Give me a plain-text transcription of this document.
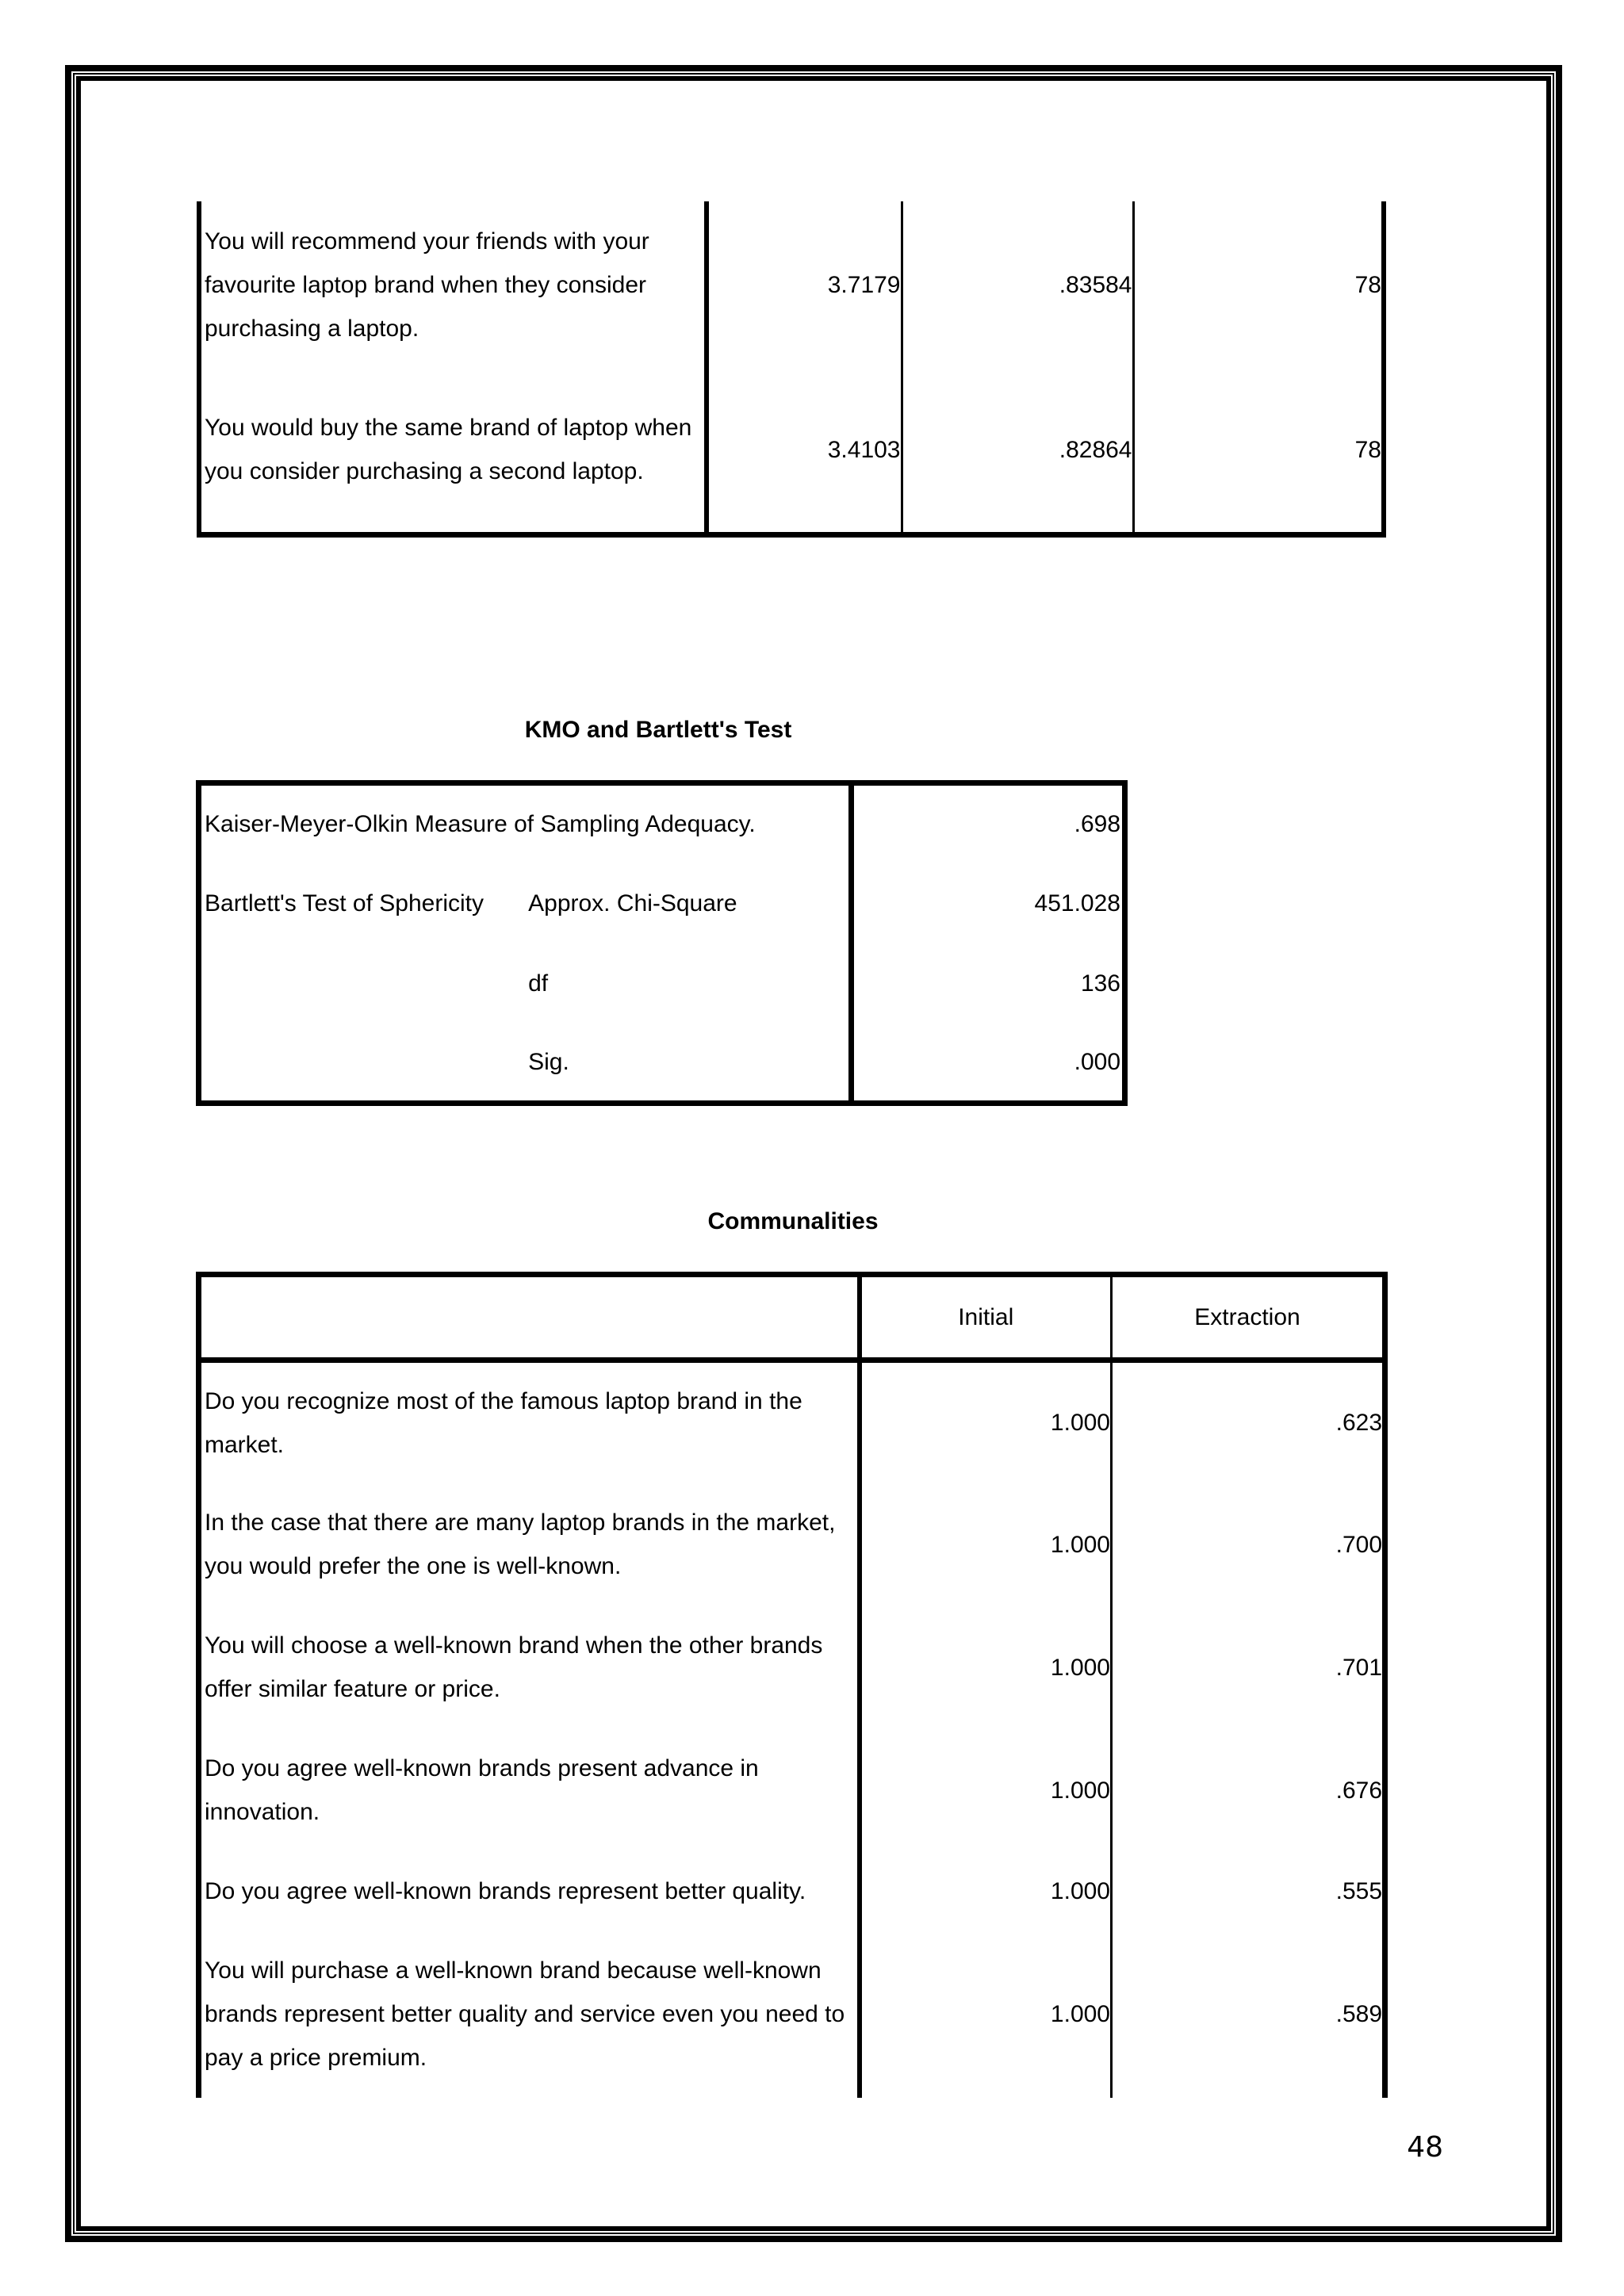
You will recommend your friends with your favourite laptop brand when they consider purchasing a laptop.	3.7179	.83584	78
You would buy the same brand of laptop when you consider purchasing a second laptop.	3.4103	.82864	78
KMO and Bartlett's Test
Kaiser-Meyer-Olkin Measure of Sampling Adequacy.		.698
Bartlett's Test of Sphericity	Approx. Chi-Square	451.028
	df	136
	Sig.	.000
Communalities
	Initial	Extraction
Do you recognize most of the famous laptop brand in the market.	1.000	.623
In the case that there are many laptop brands in the market, you would prefer the one is well-known.	1.000	.700
You will choose a well-known brand when the other brands offer similar feature or price.	1.000	.701
Do you agree well-known brands present advance in innovation.	1.000	.676
Do you agree well-known brands represent better quality.	1.000	.555
You will purchase a well-known brand because well-known brands represent better quality and service even you need to pay a price premium.	1.000	.589
48
